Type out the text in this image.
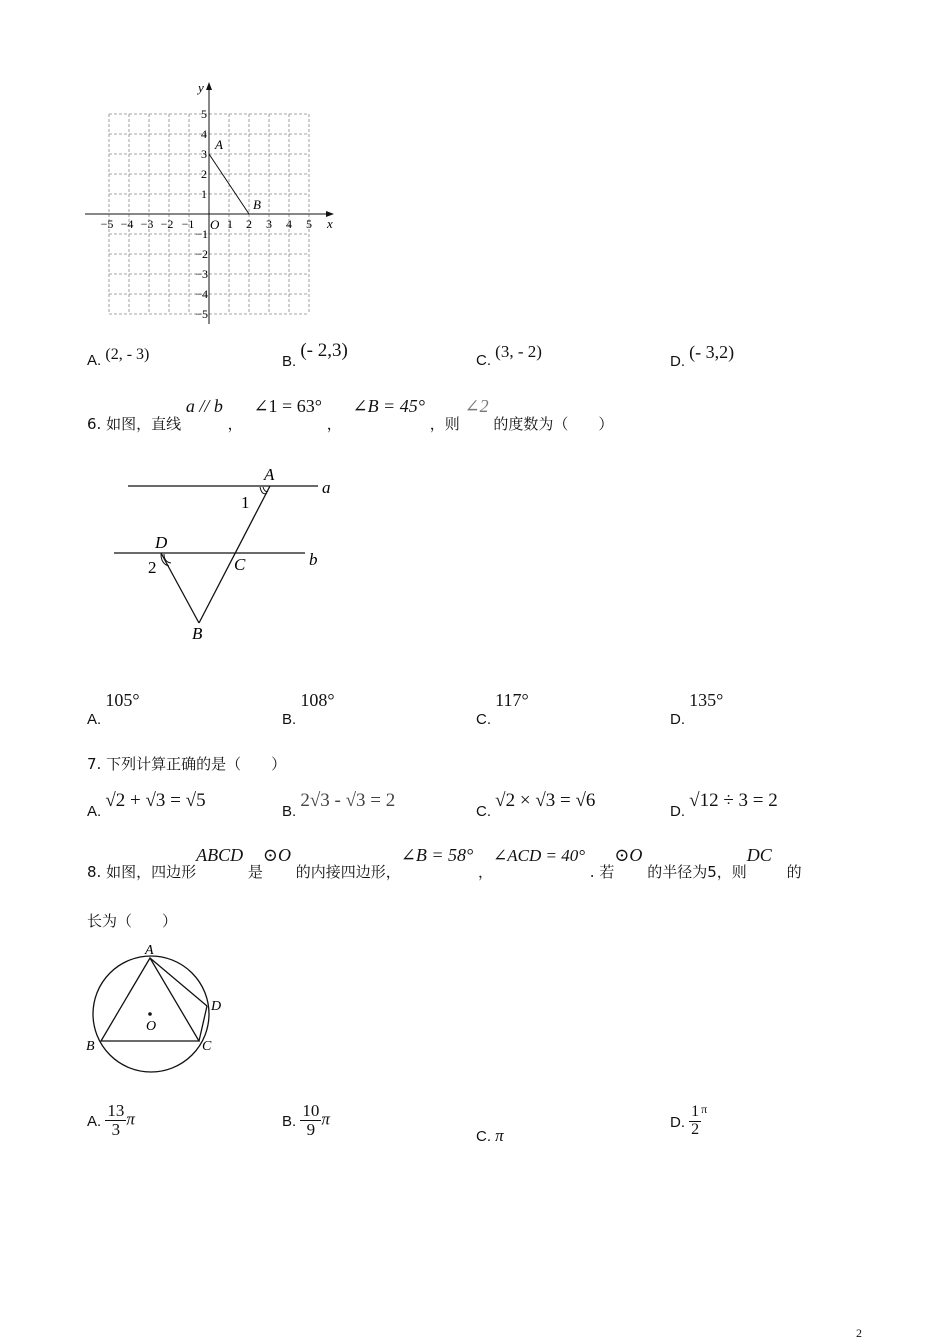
y
x
O
A
B
5
4
3
2
1
−1
−2
−3
−4
−5
−5 −4 −3 −2 −1	1 2 3 4 5
A. (2, - 3)	B. (- 2,3)	C. (3, - 2)
D. (- 3,2)
6. 如图，直线 a // b ， ∠1 = 63° ， ∠B = 45° ，则 ∠2 的度数为（　　）
A
a
1
D
2	C	b
B
A. 105°
B. 108°
C. 117°
D. 135°
7. 下列计算正确的是（　　）
A. √2 + √3 = √5
B. 2√3 - √3 = 2
C. √2 × √3 = √6
D. √12 ÷ 3 = 2
8. 如图，四边形ABCD 是⊙O 的内接四边形，∠B = 58° ，∠ACD = 40° . 若⊙O 的半径为5，则DC 的
长为（　　）
A
D
O
B	C
A. $\frac{13}{3}$ π	B. $\frac{10}{9}$ π
C. π
D. $\frac{1}{2} ^\pi$
2
